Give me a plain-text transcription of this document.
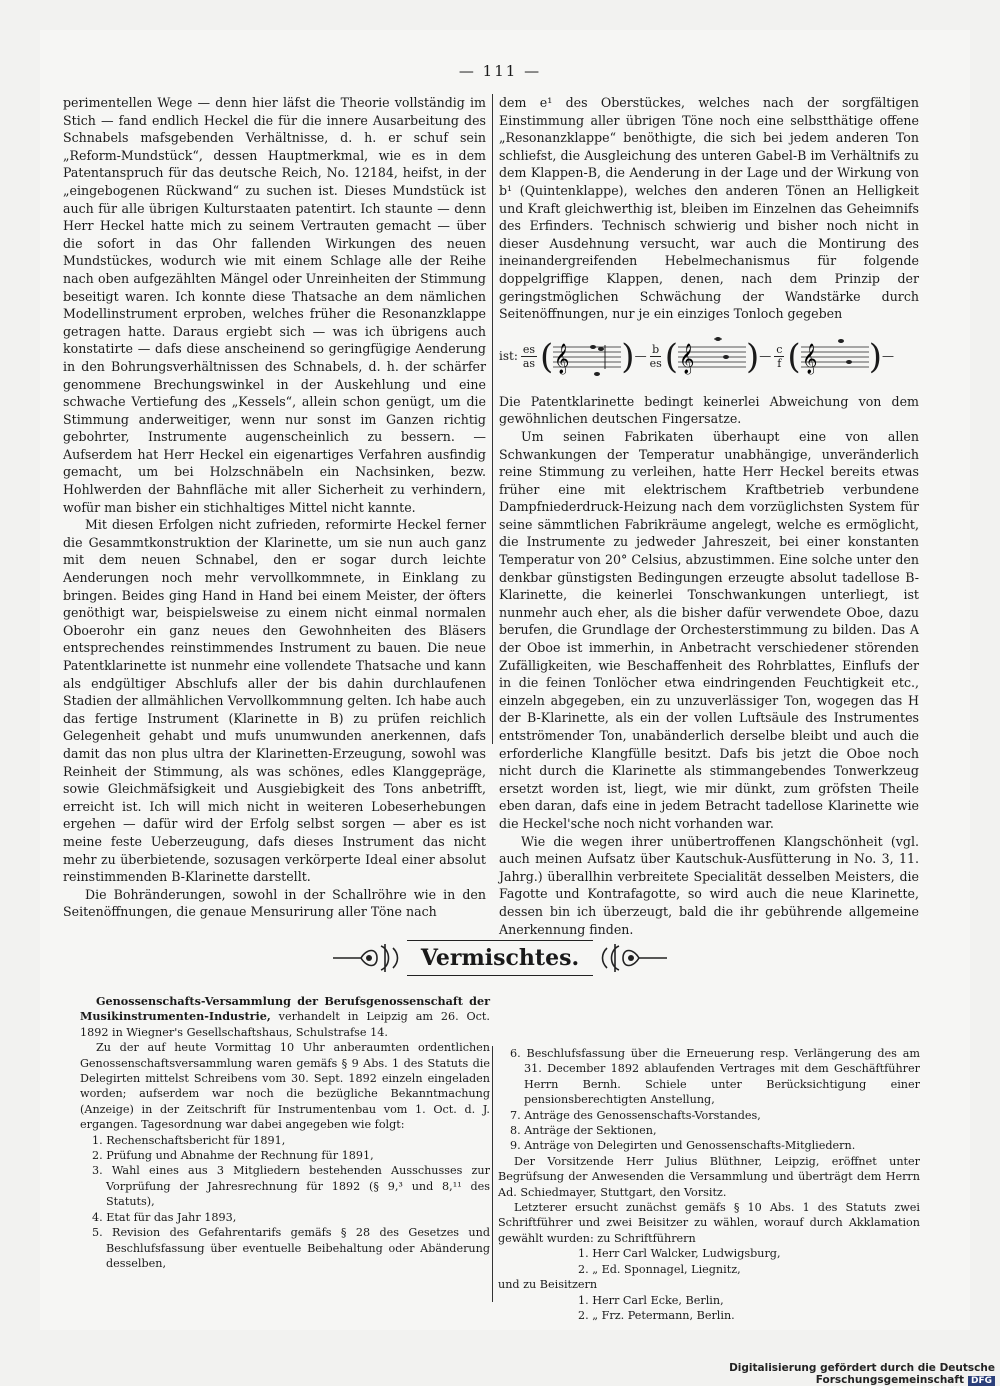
— 111 —

perimentellen Wege — denn hier läfst die Theorie vollständig im Stich — fand endlich Heckel die für die innere Ausarbeitung des Schnabels mafsgebenden Verhältnisse, d. h. er schuf sein „Reform-Mundstück“, dessen Hauptmerkmal, wie es in dem Patentanspruch für das deutsche Reich, No. 12184, heifst, in der „eingebogenen Rückwand“ zu suchen ist. Dieses Mundstück ist auch für alle übrigen Kulturstaaten patentirt. Ich staunte — denn Herr Heckel hatte mich zu seinem Vertrauten gemacht — über die sofort in das Ohr fallenden Wirkungen des neuen Mundstückes, wodurch wie mit einem Schlage alle der Reihe nach oben aufgezählten Mängel oder Unreinheiten der Stimmung beseitigt waren. Ich konnte diese Thatsache an dem nämlichen Modellinstrument erproben, welches früher die Resonanzklappe getragen hatte. Daraus ergiebt sich — was ich übrigens auch konstatirte — dafs diese anscheinend so geringfügige Aenderung in den Bohrungsverhältnissen des Schnabels, d. h. der schärfer genommene Brechungswinkel in der Auskehlung und eine schwache Vertiefung des „Kessels“, allein schon genügt, um die Stimmung anderweitiger, wenn nur sonst im Ganzen richtig gebohrter, Instrumente augenscheinlich zu bessern. — Aufserdem hat Herr Heckel ein eigenartiges Verfahren ausfindig gemacht, um bei Holzschnäbeln ein Nachsinken, bezw. Hohlwerden der Bahnfläche mit aller Sicherheit zu verhindern, wofür man bisher ein stichhaltiges Mittel nicht kannte.

Mit diesen Erfolgen nicht zufrieden, reformirte Heckel ferner die Gesammtkonstruktion der Klarinette, um sie nun auch ganz mit dem neuen Schnabel, den er sogar durch leichte Aenderungen noch mehr vervollkommnete, in Einklang zu bringen. Beides ging Hand in Hand bei einem Meister, der öfters genöthigt war, beispielsweise zu einem nicht einmal normalen Oboerohr ein ganz neues den Gewohnheiten des Bläsers entsprechendes reinstimmendes Instrument zu bauen. Die neue Patentklarinette ist nunmehr eine vollendete Thatsache und kann als endgültiger Abschlufs aller der bis dahin durchlaufenen Stadien der allmählichen Vervollkommnung gelten. Ich habe auch das fertige Instrument (Klarinette in B) zu prüfen reichlich Gelegenheit gehabt und mufs unumwunden anerkennen, dafs damit das non plus ultra der Klarinetten-Erzeugung, sowohl was Reinheit der Stimmung, als was schönes, edles Klanggepräge, sowie Gleichmäfsigkeit und Ausgiebigkeit des Tons anbetrifft, erreicht ist. Ich will mich nicht in weiteren Lobeserhebungen ergehen — dafür wird der Erfolg selbst sorgen — aber es ist meine feste Ueberzeugung, dafs dieses Instrument das nicht mehr zu überbietende, sozusagen verkörperte Ideal einer absolut reinstimmenden B-Klarinette darstellt.

Die Bohränderungen, sowohl in der Schallröhre wie in den Seitenöffnungen, die genaue Mensurirung aller Töne nach

dem e¹ des Oberstückes, welches nach der sorgfältigen Einstimmung aller übrigen Töne noch eine selbstthätige offene „Resonanzklappe“ benöthigte, die sich bei jedem anderen Ton schliefst, die Ausgleichung des unteren Gabel-B im Verhältnifs zu dem Klappen-B, die Aenderung in der Lage und der Wirkung von b¹ (Quintenklappe), welches den anderen Tönen an Helligkeit und Kraft gleichwerthig ist, bleiben im Einzelnen das Geheimnifs des Erfinders. Technisch schwierig und bisher noch nicht in dieser Ausdehnung versucht, war auch die Montirung des ineinandergreifenden Hebelmechanismus für folgende doppelgriffige Klappen, denen, nach dem Prinzip der geringstmöglichen Schwächung der Wandstärke durch Seitenöffnungen, nur je ein einziges Tonloch gegeben

ist: $\frac{es}{as}$ ( 𝄞 ) — $\frac{b}{es}$ ( 𝄞 ) — $\frac{c}{f}$ ( 𝄞 ) —

Die Patentklarinette bedingt keinerlei Abweichung von dem gewöhnlichen deutschen Fingersatze.

Um seinen Fabrikaten überhaupt eine von allen Schwankungen der Temperatur unabhängige, unveränderlich reine Stimmung zu verleihen, hatte Herr Heckel bereits etwas früher eine mit elektrischem Kraftbetrieb verbundene Dampfniederdruck-Heizung nach dem vorzüglichsten System für seine sämmtlichen Fabrikräume angelegt, welche es ermöglicht, die Instrumente zu jedweder Jahreszeit, bei einer konstanten Temperatur von 20° Celsius, abzustimmen. Eine solche unter den denkbar günstigsten Bedingungen erzeugte absolut tadellose B-Klarinette, die keinerlei Tonschwankungen unterliegt, ist nunmehr auch eher, als die bisher dafür verwendete Oboe, dazu berufen, die Grundlage der Orchesterstimmung zu bilden. Das A der Oboe ist immerhin, in Anbetracht verschiedener störenden Zufälligkeiten, wie Beschaffenheit des Rohrblattes, Einflufs der in die feinen Tonlöcher etwa eindringenden Feuchtigkeit etc., einzeln abgegeben, ein zu unzuverlässiger Ton, wogegen das H der B-Klarinette, als ein der vollen Luftsäule des Instrumentes entströmender Ton, unabänderlich derselbe bleibt und auch die erforderliche Klangfülle besitzt. Dafs bis jetzt die Oboe noch nicht durch die Klarinette als stimmangebendes Tonwerkzeug ersetzt worden ist, liegt, wie mir dünkt, zum gröfsten Theile eben daran, dafs eine in jedem Betracht tadellose Klarinette wie die Heckel'sche noch nicht vorhanden war.

Wie die wegen ihrer unübertroffenen Klangschönheit (vgl. auch meinen Aufsatz über Kautschuk-Ausfütterung in No. 3, 11. Jahrg.) überallhin verbreitete Specialität desselben Meisters, die Fagotte und Kontrafagotte, so wird auch die neue Klarinette, dessen bin ich überzeugt, bald die ihr gebührende allgemeine Anerkennung finden.

Vermischtes.

Genossenschafts-Versammlung der Berufsgenossenschaft der Musikinstrumenten-Industrie, verhandelt in Leipzig am 26. Oct. 1892 in Wiegner's Gesellschaftshaus, Schulstrafse 14.

Zu der auf heute Vormittag 10 Uhr anberaumten ordentlichen Genossenschaftsversammlung waren gemäfs § 9 Abs. 1 des Statuts die Delegirten mittelst Schreibens vom 30. Sept. 1892 einzeln eingeladen worden; aufserdem war noch die bezügliche Bekanntmachung (Anzeige) in der Zeitschrift für Instrumentenbau vom 1. Oct. d. J. ergangen. Tagesordnung war dabei angegeben wie folgt:

1. Rechenschaftsbericht für 1891,

2. Prüfung und Abnahme der Rechnung für 1891,

3. Wahl eines aus 3 Mitgliedern bestehenden Ausschusses zur Vorprüfung der Jahresrechnung für 1892 (§ 9,³ und 8,¹¹ des Statuts),

4. Etat für das Jahr 1893,

5. Revision des Gefahrentarifs gemäfs § 28 des Gesetzes und Beschlufsfassung über eventuelle Beibehaltung oder Abänderung desselben,

6. Beschlufsfassung über die Erneuerung resp. Verlängerung des am 31. December 1892 ablaufenden Vertrages mit dem Geschäftführer Herrn Bernh. Schiele unter Berücksichtigung einer pensionsberechtigten Anstellung,

7. Anträge des Genossenschafts-Vorstandes,

8. Anträge der Sektionen,

9. Anträge von Delegirten und Genossenschafts-Mitgliedern.

Der Vorsitzende Herr Julius Blüthner, Leipzig, eröffnet unter Begrüfsung der Anwesenden die Versammlung und überträgt dem Herrn Ad. Schiedmayer, Stuttgart, den Vorsitz.

Letzterer ersucht zunächst gemäfs § 10 Abs. 1 des Statuts zwei Schriftführer und zwei Beisitzer zu wählen, worauf durch Akklamation gewählt wurden: zu Schriftführern

1. Herr Carl Walcker, Ludwigsburg,

2. „ Ed. Sponnagel, Liegnitz,

und zu Beisitzern

1. Herr Carl Ecke, Berlin,

2. „ Frz. Petermann, Berlin.

Digitalisierung gefördert durch die Deutsche Forschungsgemeinschaft DFG
